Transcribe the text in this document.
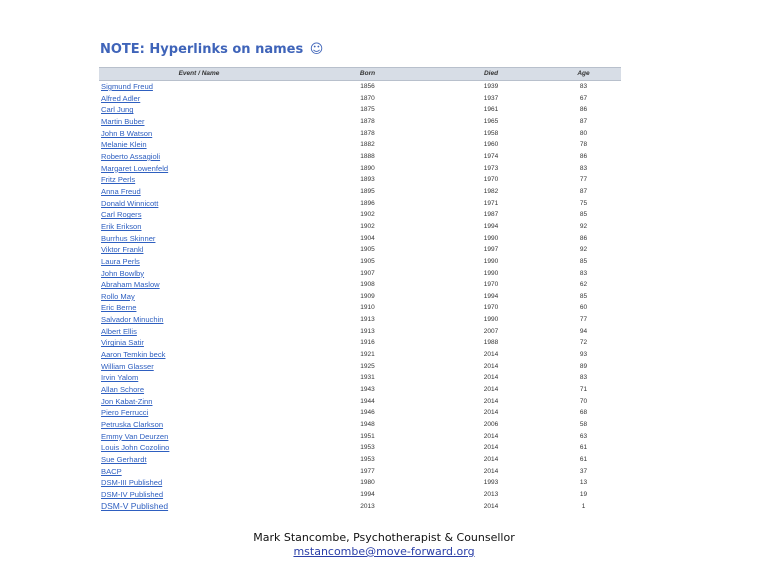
NOTE: Hyperlinks on names ☺
Event / Name	Born	Died	Age
Sigmund Freud	1856	1939	83
Alfred Adler	1870	1937	67
Carl Jung	1875	1961	86
Martin Buber	1878	1965	87
John B Watson	1878	1958	80
Melanie Klein	1882	1960	78
Roberto Assagioli	1888	1974	86
Margaret Lowenfeld	1890	1973	83
Fritz Perls	1893	1970	77
Anna Freud	1895	1982	87
Donald Winnicott	1896	1971	75
Carl Rogers	1902	1987	85
Erik Erikson	1902	1994	92
Burrhus Skinner	1904	1990	86
Viktor Frankl	1905	1997	92
Laura Perls	1905	1990	85
John Bowlby	1907	1990	83
Abraham Maslow	1908	1970	62
Rollo May	1909	1994	85
Eric Berne	1910	1970	60
Salvador Minuchin	1913	1990	77
Albert Ellis	1913	2007	94
Virginia Satir	1916	1988	72
Aaron Temkin beck	1921	2014	93
William Glasser	1925	2014	89
Irvin Yalom	1931	2014	83
Allan Schore	1943	2014	71
Jon Kabat-Zinn	1944	2014	70
Piero Ferrucci	1946	2014	68
Petruska Clarkson	1948	2006	58
Emmy Van Deurzen	1951	2014	63
Louis John Cozolino	1953	2014	61
Sue Gerhardt	1953	2014	61
BACP	1977	2014	37
DSM-III Published	1980	1993	13
DSM-IV Published	1994	2013	19
DSM-V Published	2013	2014	1
Mark Stancombe, Psychotherapist & Counsellor
mstancombe@move-forward.org
